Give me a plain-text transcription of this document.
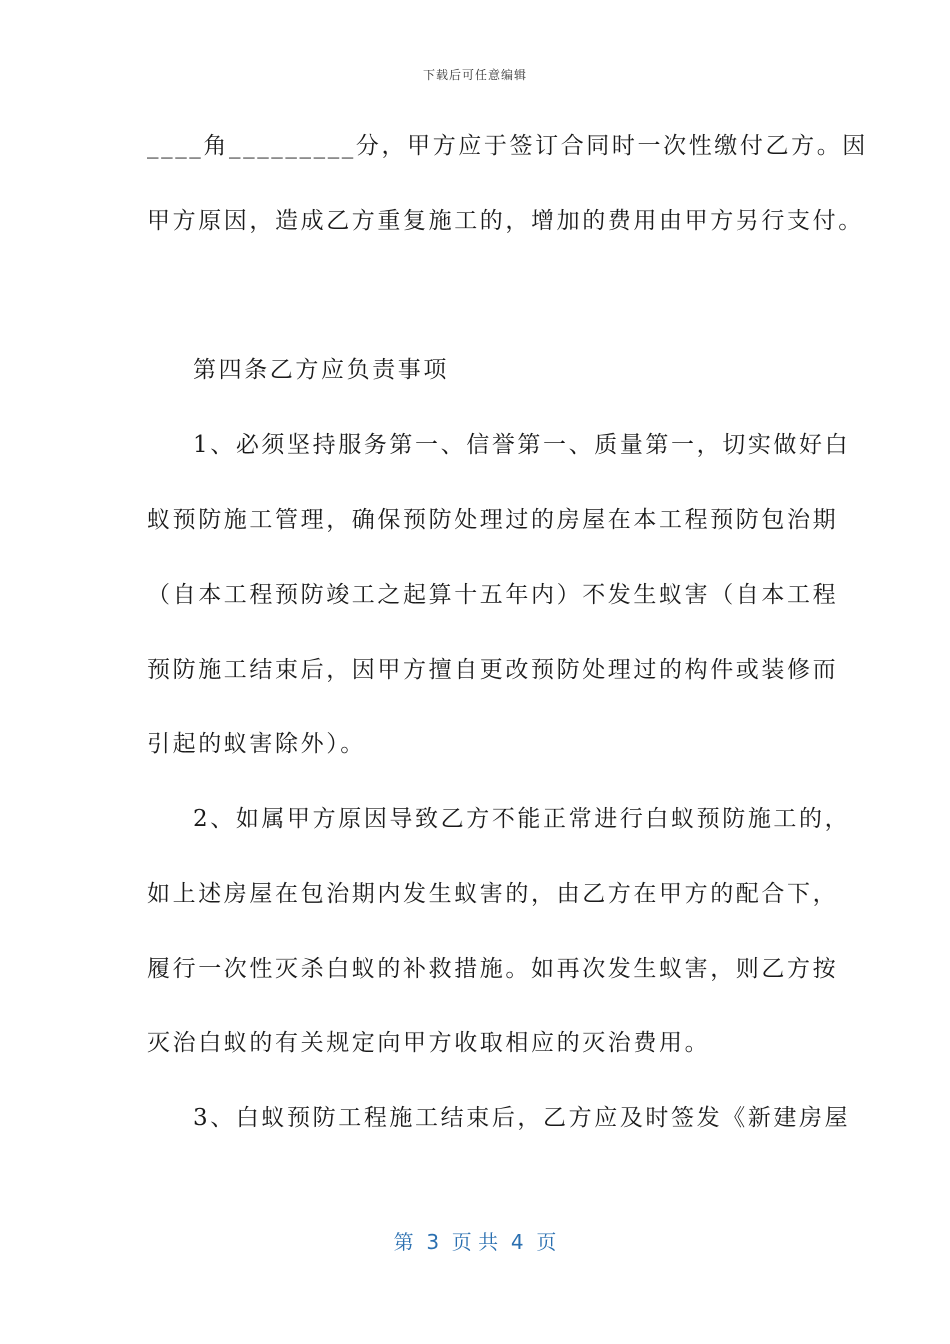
下载后可任意编辑
____角_________分，甲方应于签订合同时一次性缴付乙方。因
甲方原因，造成乙方重复施工的，增加的费用由甲方另行支付。
第四条乙方应负责事项
1、必须坚持服务第一、信誉第一、质量第一，切实做好白
蚁预防施工管理，确保预防处理过的房屋在本工程预防包治期
（自本工程预防竣工之起算十五年内）不发生蚁害（自本工程
预防施工结束后，因甲方擅自更改预防处理过的构件或装修而
引起的蚁害除外）。
2、如属甲方原因导致乙方不能正常进行白蚁预防施工的，
如上述房屋在包治期内发生蚁害的，由乙方在甲方的配合下，
履行一次性灭杀白蚁的补救措施。如再次发生蚁害，则乙方按
灭治白蚁的有关规定向甲方收取相应的灭治费用。
3、白蚁预防工程施工结束后，乙方应及时签发《新建房屋
第  3  页 共  4  页
